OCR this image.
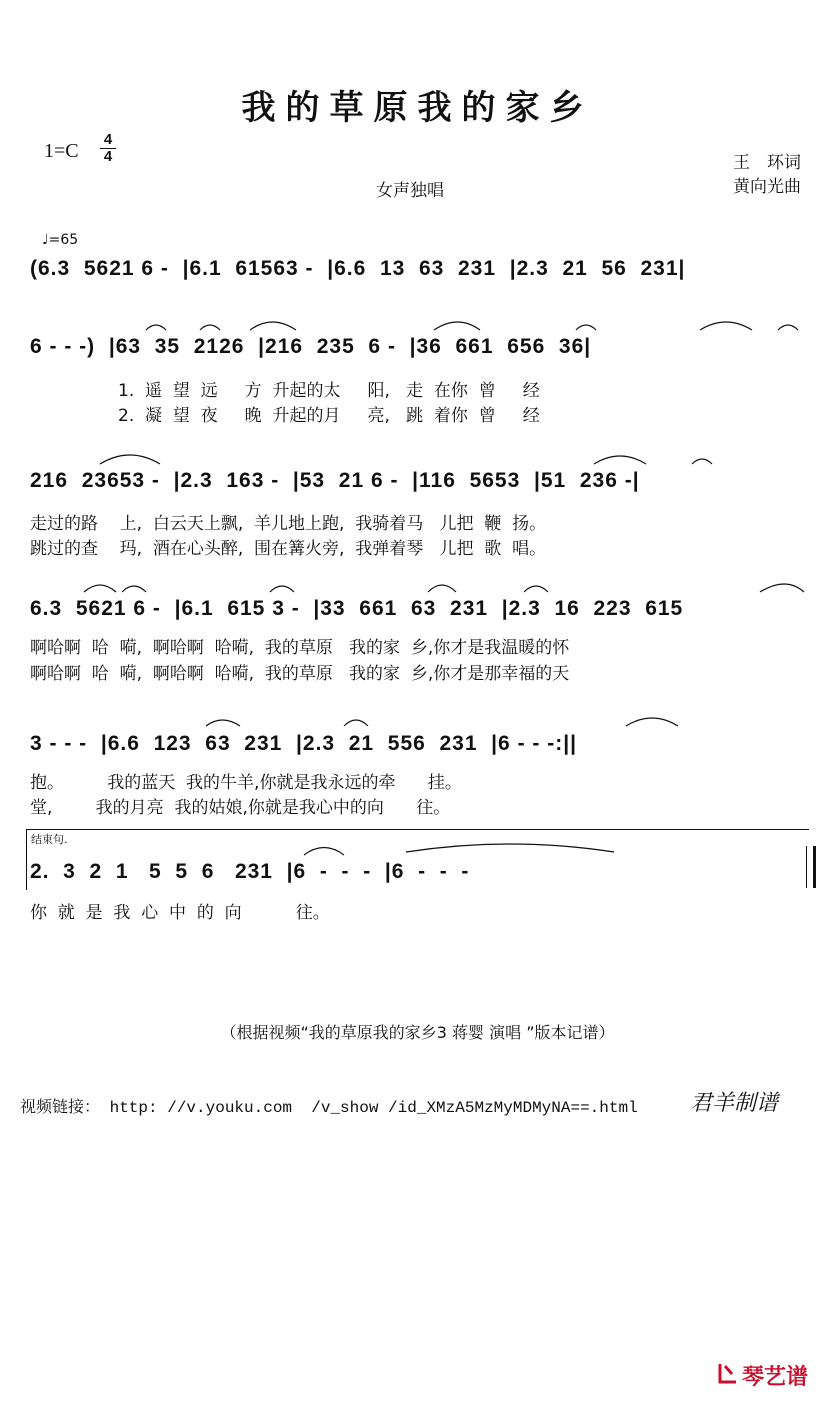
我的草原我的家乡
1=C
4
4	王　环词
黄向光曲
女声独唱
♩=65
(6.3  5621 6 -  |6.1  61563 -  |6.6  13  63  231  |2.3  21  56  231|
6 - - -)  |63  35  2126  |216  235  6 -  |36  661  656  36|
1.  遥  望  远     方  升起的太     阳,   走  在你  曾     经
2.  凝  望  夜     晚  升起的月     亮,   跳  着你  曾     经
216  23653 -  |2.3  163 -  |53  21 6 -  |116  5653  |51  236 -|
走过的路    上,  白云天上飘,  羊儿地上跑,  我骑着马   儿把  鞭  扬。
跳过的查    玛,  酒在心头醉,  围在篝火旁,  我弹着琴   儿把  歌  唱。
6.3  5621 6 -  |6.1  615 3 -  |33  661  63  231  |2.3  16  223  615
啊哈啊  哈  嗬,  啊哈啊  哈嗬,  我的草原   我的家  乡,你才是我温暖的怀
啊哈啊  哈  嗬,  啊哈啊  哈嗬,  我的草原   我的家  乡,你才是那幸福的天
3 - - -  |6.6  123  63  231  |2.3  21  556  231  |6 - - -:||
抱。        我的蓝天  我的牛羊,你就是我永远的牵      挂。
堂,        我的月亮  我的姑娘,你就是我心中的向      往。
结束句.
2.  3  2  1   5  5  6   231  |6  -  -  -  |6  -  -  -
你  就  是  我  心  中  的  向          往。
（根据视频“我的草原我的家乡3 蒋婴 演唱 ”版本记谱）
视频链接： http: //v.youku.com  /v_show /id_XMzA5MzMyMDMyNA==.html 君羊制谱
琴艺谱
